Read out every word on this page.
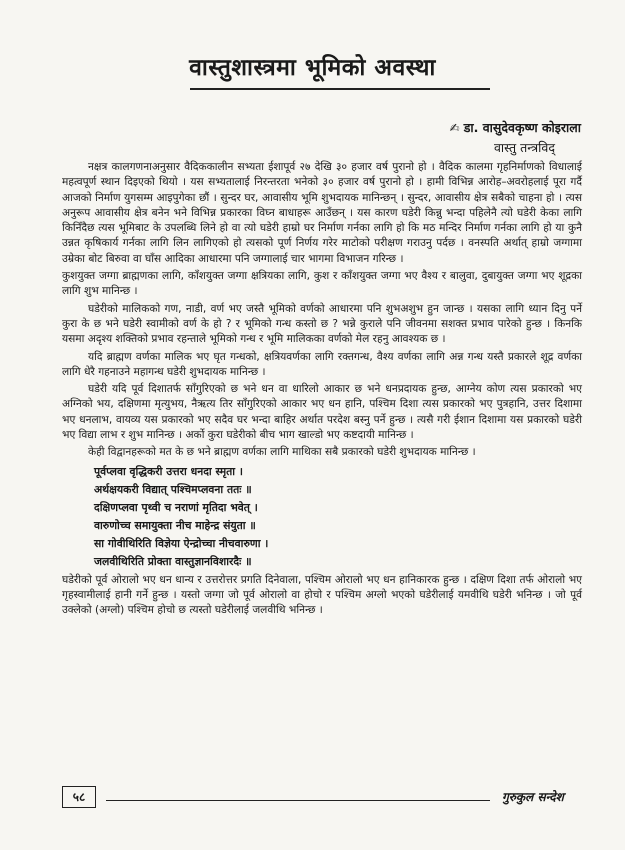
वास्तुशास्त्रमा भूमिको अवस्था
✍ डा. वासुदेवकृष्ण कोइराला
वास्तु तन्त्रविद्

नक्षत्र कालगणनाअनुसार वैदिककालीन सभ्यता ईशापूर्व २७ देखि ३० हजार वर्ष पुरानो हो । वैदिक कालमा गृहनिर्माणको विधालाई महत्वपूर्ण स्थान दिइएको थियो । यस सभ्यतालाई निरन्तरता भनेको ३० हजार वर्ष पुरानो हो । हामी विभिन्न आरोह–अवरोहलाई पूरा गर्दै आजको निर्माण युगसम्म आइपुगेका छौं । सुन्दर घर, आवासीय भूमि शुभदायक मानिन्छन् । सुन्दर, आवासीय क्षेत्र सबैको चाहना हो । त्यस अनुरूप आवासीय क्षेत्र बनेन भने विभिन्न प्रकारका विघ्न बाधाहरू आउँछन् । यस कारण घडेरी किन्नु भन्दा पहिलेनै त्यो घडेरी केका लागि किनिँदैछ त्यस भूमिबाट के उपलब्धि लिने हो वा त्यो घडेरी हाम्रो घर निर्माण गर्नका लागि हो कि मठ मन्दिर निर्माण गर्नका लागि हो या कुनै उन्नत कृषिकार्य गर्नका लागि लिन लागिएको हो त्यसको पूर्ण निर्णय गरेर माटोको परीक्षण गराउनु पर्दछ । वनस्पति अर्थात् हाम्रो जग्गामा उम्रेका बोट बिरुवा वा घाँस आदिका आधारमा पनि जग्गालाई चार भागमा विभाजन गरिन्छ ।

कुशयुक्त जग्गा ब्राह्मणका लागि, काँशयुक्त जग्गा क्षत्रियका लागि, कुश र काँशयुक्त जग्गा भए वैश्य र बालुवा, दुबायुक्त जग्गा भए शूद्रका लागि शुभ मानिन्छ ।

घडेरीको मालिकको गण, नाडी, वर्ण भए जस्तै भूमिको वर्णको आधारमा पनि शुभअशुभ हुन जान्छ । यसका लागि ध्यान दिनु पर्ने कुरा के छ भने घडेरी स्वामीको वर्ण के हो ? र भूमिको गन्ध कस्तो छ ? भन्ने कुराले पनि जीवनमा सशक्त प्रभाव पारेको हुन्छ । किनकि यसमा अदृश्य शक्तिको प्रभाव रहन्ताले भूमिको गन्ध र भूमि मालिकका वर्णको मेल रहनु आवश्यक छ ।

यदि ब्राह्मण वर्णका मालिक भए घृत गन्धको, क्षत्रियवर्णका लागि रक्तगन्ध, वैश्य वर्णका लागि अन्न गन्ध यस्तै प्रकारले शूद्र वर्णका लागि धेरै गहनाउने महागन्ध घडेरी शुभदायक मानिन्छ ।

घडेरी यदि पूर्व दिशातर्फ साँगुरिएको छ भने धन वा धारिलो आकार छ भने धनप्रदायक हुन्छ, आग्नेय कोण त्यस प्रकारको भए अग्निको भय, दक्षिणमा मृत्युभय, नैऋत्य तिर साँगुरिएको आकार भए धन हानि, पश्चिम दिशा त्यस प्रकारको भए पुत्रहानि, उत्तर दिशामा भए धनलाभ, वायव्य यस प्रकारको भए सदैव घर भन्दा बाहिर अर्थात परदेश बस्नु पर्ने हुन्छ । त्यसै गरी ईशान दिशामा यस प्रकारको घडेरी भए विद्या लाभ र शुभ मानिन्छ । अर्को कुरा घडेरीको बीच भाग खाल्डो भए कष्टदायी मानिन्छ ।

केही विद्वानहरूको मत के छ भने ब्राह्मण वर्णका लागि माथिका सबै प्रकारको घडेरी शुभदायक मानिन्छ ।

पूर्वप्लवा वृद्धिकरी उत्तरा धनदा स्मृता ।
अर्थक्षयकरी विद्यात् पश्चिमप्लवना ततः ॥
दक्षिणप्लवा पृथ्वी च नराणां मृतिदा भवेत् ।
वारुणोच्च समायुक्ता नीच माहेन्द्र संयुता ॥
सा गोवीथिरिति विज्ञेया ऐन्द्रोच्चा नीचवारुणा ।
जलवीथिरिति प्रोक्ता वास्तुज्ञानविशारदैः ॥

घडेरीको पूर्व ओरालो भए धन धान्य र उत्तरोत्तर प्रगति दिनेवाला, पश्चिम ओरालो भए धन हानिकारक हुन्छ । दक्षिण दिशा तर्फ ओरालो भए गृहस्वामीलाई हानी गर्ने हुन्छ । यस्तो जग्गा जो पूर्व ओरालो वा होचो र पश्चिम अग्लो भएको घडेरीलाई यमवीथि घडेरी भनिन्छ । जो पूर्व उक्लेको (अग्लो) पश्चिम होचो छ त्यस्तो घडेरीलाई जलवीथि भनिन्छ ।

५८	गुरुकुल सन्देश
